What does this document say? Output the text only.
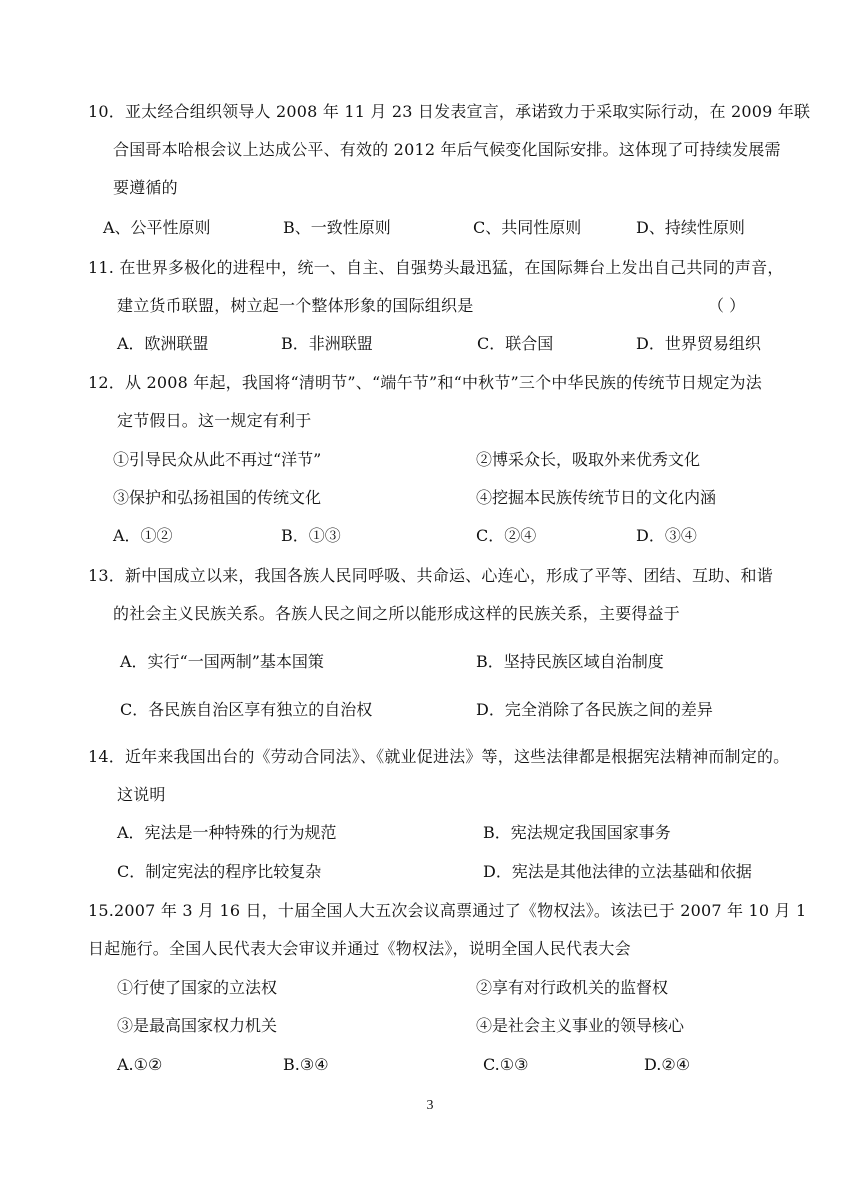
10．亚太经合组织领导人 2008 年 11 月 23 日发表宣言，承诺致力于采取实际行动，在 2009 年联
合国哥本哈根会议上达成公平、有效的 2012 年后气候变化国际安排。这体现了可持续发展需
要遵循的
A、公平性原则	B、一致性原则	C、共同性原则	D、持续性原则
11. 在世界多极化的进程中，统一、自主、自强势头最迅猛，在国际舞台上发出自己共同的声音，
建立货币联盟，树立起一个整体形象的国际组织是	（ ）
A．欧洲联盟	B．非洲联盟	C．联合国	D．世界贸易组织
12．从 2008 年起，我国将“清明节”、“端午节”和“中秋节”三个中华民族的传统节日规定为法
定节假日。这一规定有利于
①引导民众从此不再过“洋节”	②博采众长，吸取外来优秀文化
③保护和弘扬祖国的传统文化	④挖掘本民族传统节日的文化内涵
A．①②	B．①③	C．②④	D．③④
13．新中国成立以来，我国各族人民同呼吸、共命运、心连心，形成了平等、团结、互助、和谐
的社会主义民族关系。各族人民之间之所以能形成这样的民族关系，主要得益于
A．实行“一国两制”基本国策	B．坚持民族区域自治制度
C．各民族自治区享有独立的自治权	D．完全消除了各民族之间的差异
14．近年来我国出台的《劳动合同法》、《就业促进法》等，这些法律都是根据宪法精神而制定的。
这说明
A．宪法是一种特殊的行为规范	B．宪法规定我国国家事务
C．制定宪法的程序比较复杂	D．宪法是其他法律的立法基础和依据
15.2007 年 3 月 16 日，十届全国人大五次会议高票通过了《物权法》。该法已于 2007 年 10 月 1
日起施行。全国人民代表大会审议并通过《物权法》，说明全国人民代表大会
①行使了国家的立法权	②享有对行政机关的监督权
③是最高国家权力机关	④是社会主义事业的领导核心
A.①②	B.③④	C.①③	D.②④
3
